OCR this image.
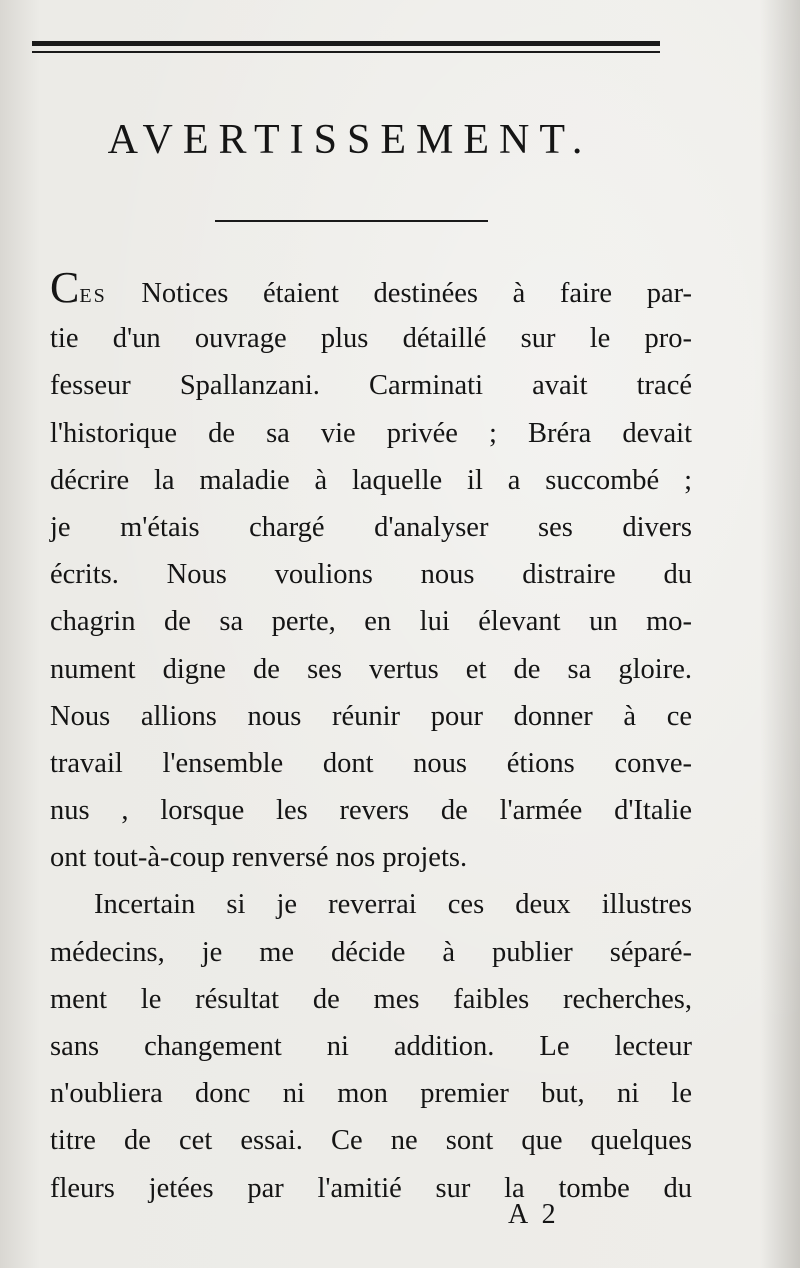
AVERTISSEMENT.
CES Notices étaient destinées à faire par-
tie d'un ouvrage plus détaillé sur le pro-
fesseur Spallanzani. Carminati avait tracé
l'historique de sa vie privée ; Bréra devait
décrire la maladie à laquelle il a succombé ;
je m'étais chargé d'analyser ses divers
écrits. Nous voulions nous distraire du
chagrin de sa perte, en lui élevant un mo-
nument digne de ses vertus et de sa gloire.
Nous allions nous réunir pour donner à ce
travail l'ensemble dont nous étions conve-
nus , lorsque les revers de l'armée d'Italie
ont tout-à-coup renversé nos projets.
Incertain si je reverrai ces deux illustres
médecins, je me décide à publier séparé-
ment le résultat de mes faibles recherches,
sans changement ni addition. Le lecteur
n'oubliera donc ni mon premier but, ni le
titre de cet essai. Ce ne sont que quelques
fleurs jetées par l'amitié sur la tombe du
A 2
